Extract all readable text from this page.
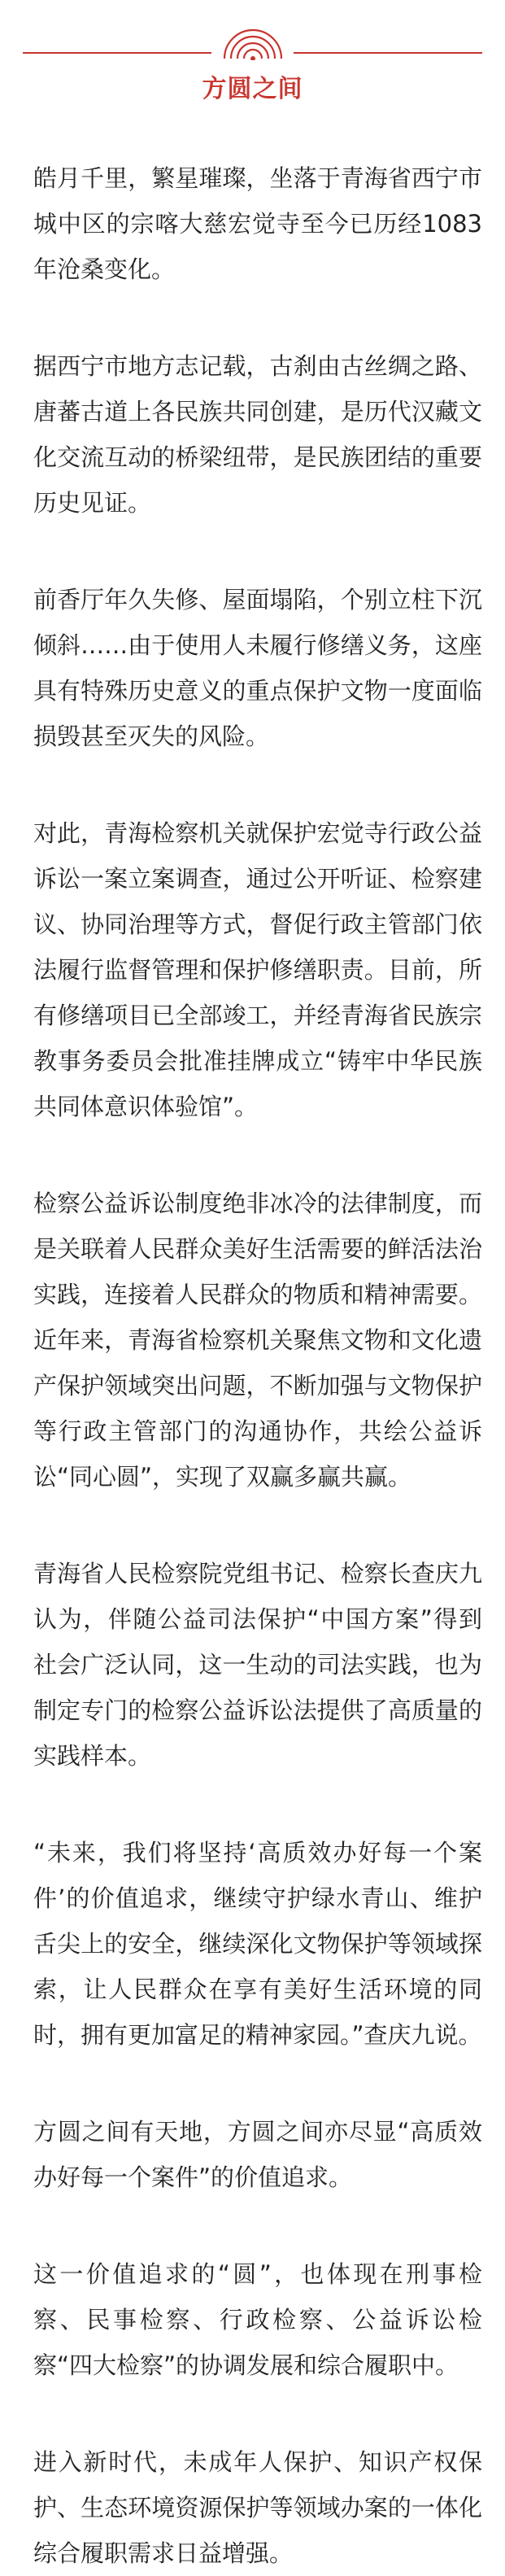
方圆之间

皓月千里，繁星璀璨，坐落于青海省西宁市城中区的宗喀大慈宏觉寺至今已历经1083年沧桑变化。

据西宁市地方志记载，古刹由古丝绸之路、唐蕃古道上各民族共同创建，是历代汉藏文化交流互动的桥梁纽带，是民族团结的重要历史见证。

前香厅年久失修、屋面塌陷，个别立柱下沉倾斜……由于使用人未履行修缮义务，这座具有特殊历史意义的重点保护文物一度面临损毁甚至灭失的风险。

对此，青海检察机关就保护宏觉寺行政公益诉讼一案立案调查，通过公开听证、检察建议、协同治理等方式，督促行政主管部门依法履行监督管理和保护修缮职责。目前，所有修缮项目已全部竣工，并经青海省民族宗教事务委员会批准挂牌成立“铸牢中华民族共同体意识体验馆”。

检察公益诉讼制度绝非冰冷的法律制度，而是关联着人民群众美好生活需要的鲜活法治实践，连接着人民群众的物质和精神需要。近年来，青海省检察机关聚焦文物和文化遗产保护领域突出问题，不断加强与文物保护等行政主管部门的沟通协作，共绘公益诉讼“同心圆”，实现了双赢多赢共赢。

青海省人民检察院党组书记、检察长查庆九认为，伴随公益司法保护“中国方案”得到社会广泛认同，这一生动的司法实践，也为制定专门的检察公益诉讼法提供了高质量的实践样本。

“未来，我们将坚持‘高质效办好每一个案件’的价值追求，继续守护绿水青山、维护舌尖上的安全，继续深化文物保护等领域探索，让人民群众在享有美好生活环境的同时，拥有更加富足的精神家园。”查庆九说。

方圆之间有天地，方圆之间亦尽显“高质效办好每一个案件”的价值追求。

这一价值追求的“圆”，也体现在刑事检察、民事检察、行政检察、公益诉讼检察“四大检察”的协调发展和综合履职中。

进入新时代，未成年人保护、知识产权保护、生态环境资源保护等领域办案的一体化综合履职需求日益增强。
